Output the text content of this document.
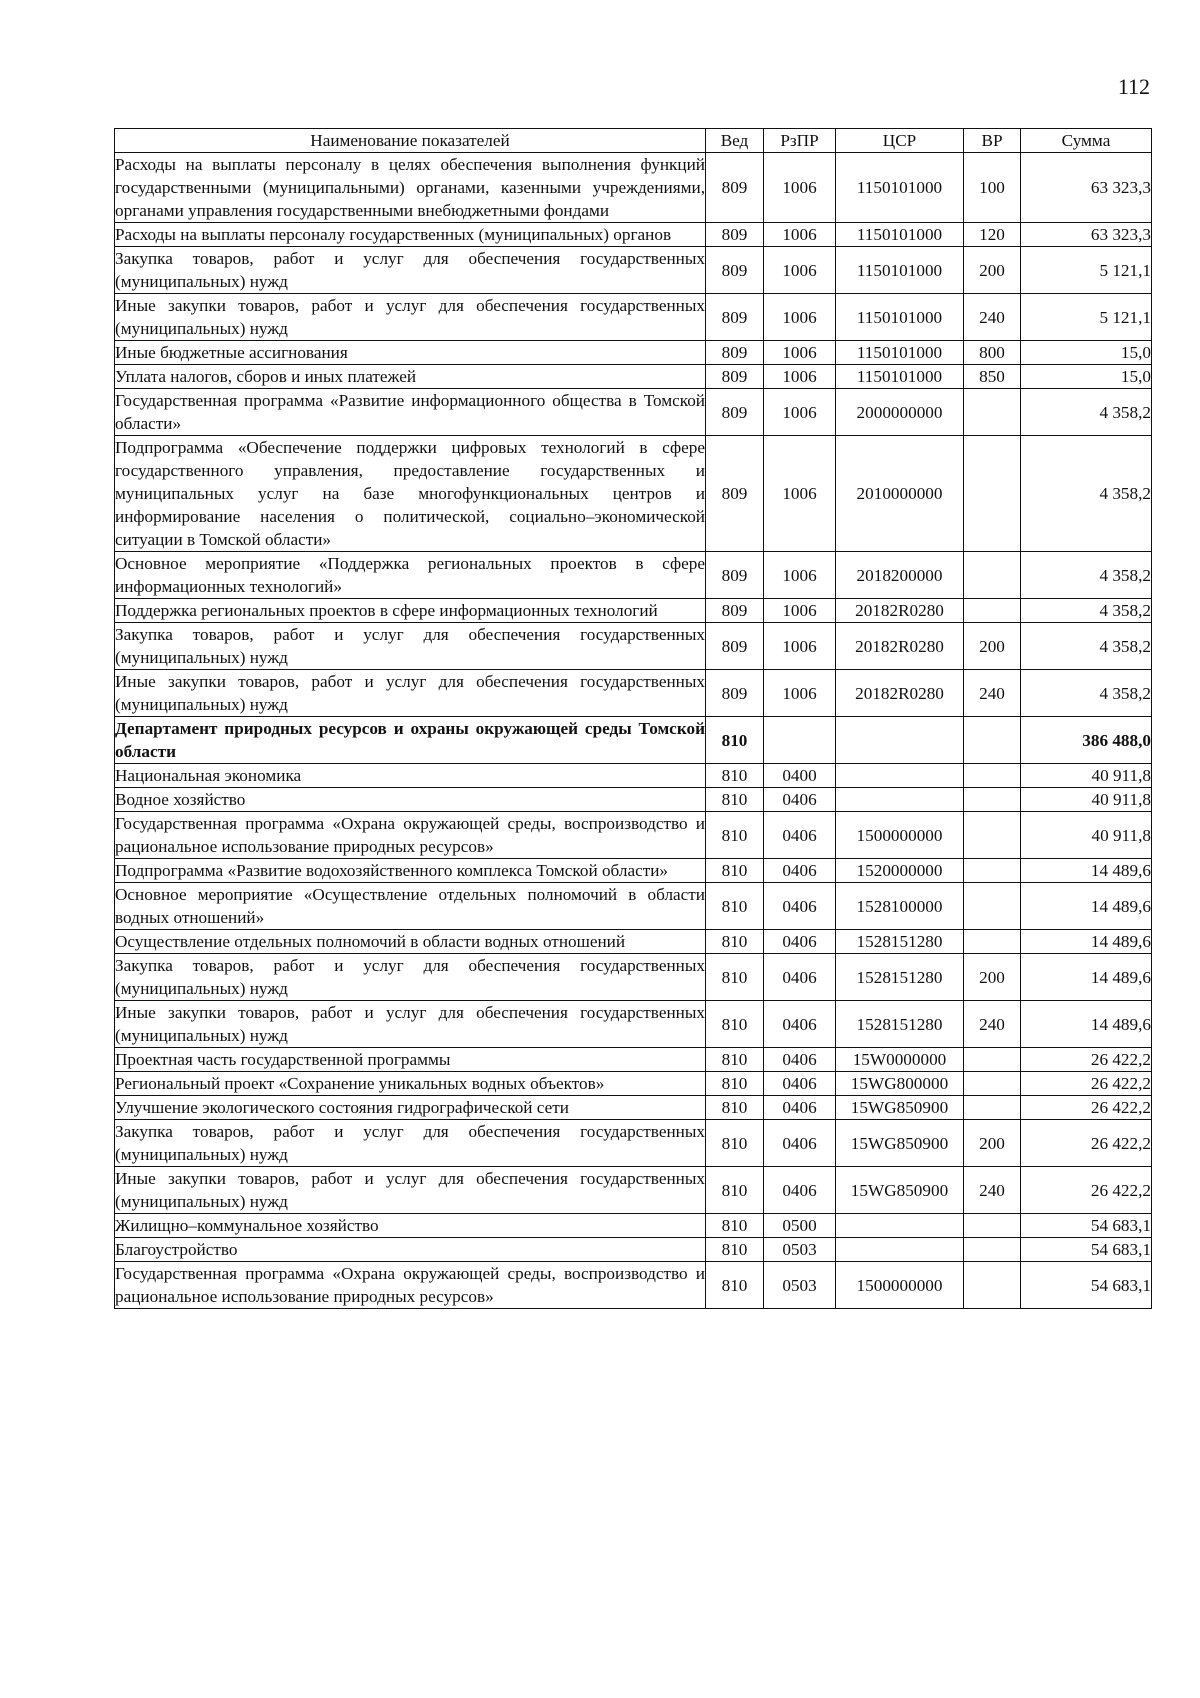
112
Наименование показателей	Вед	РзПР	ЦСР	ВР	Сумма
Расходы на выплаты персоналу в целях обеспечения выполнения функций государственными (муниципальными) органами, казенными учреждениями, органами управления государственными внебюджетными фондами	809	1006	1150101000	100	63 323,3
Расходы на выплаты персоналу государственных (муниципальных) органов	809	1006	1150101000	120	63 323,3
Закупка товаров, работ и услуг для обеспечения государственных (муниципальных) нужд	809	1006	1150101000	200	5 121,1
Иные закупки товаров, работ и услуг для обеспечения государственных (муниципальных) нужд	809	1006	1150101000	240	5 121,1
Иные бюджетные ассигнования	809	1006	1150101000	800	15,0
Уплата налогов, сборов и иных платежей	809	1006	1150101000	850	15,0
Государственная программа «Развитие информационного общества в Томской области»	809	1006	2000000000		4 358,2
Подпрограмма «Обеспечение поддержки цифровых технологий в сфере государственного управления, предоставление государственных и муниципальных услуг на базе многофункциональных центров и информирование населения о политической, социально–экономической ситуации в Томской области»	809	1006	2010000000		4 358,2
Основное мероприятие «Поддержка региональных проектов в сфере информационных технологий»	809	1006	2018200000		4 358,2
Поддержка региональных проектов в сфере информационных технологий	809	1006	20182R0280		4 358,2
Закупка товаров, работ и услуг для обеспечения государственных (муниципальных) нужд	809	1006	20182R0280	200	4 358,2
Иные закупки товаров, работ и услуг для обеспечения государственных (муниципальных) нужд	809	1006	20182R0280	240	4 358,2
Департамент природных ресурсов и охраны окружающей среды Томской области	810				386 488,0
Национальная экономика	810	0400			40 911,8
Водное хозяйство	810	0406			40 911,8
Государственная программа «Охрана окружающей среды, воспроизводство и рациональное использование природных ресурсов»	810	0406	1500000000		40 911,8
Подпрограмма «Развитие водохозяйственного комплекса Томской области»	810	0406	1520000000		14 489,6
Основное мероприятие «Осуществление отдельных полномочий в области водных отношений»	810	0406	1528100000		14 489,6
Осуществление отдельных полномочий в области водных отношений	810	0406	1528151280		14 489,6
Закупка товаров, работ и услуг для обеспечения государственных (муниципальных) нужд	810	0406	1528151280	200	14 489,6
Иные закупки товаров, работ и услуг для обеспечения государственных (муниципальных) нужд	810	0406	1528151280	240	14 489,6
Проектная часть государственной программы	810	0406	15W0000000		26 422,2
Региональный проект «Сохранение уникальных водных объектов»	810	0406	15WG800000		26 422,2
Улучшение экологического состояния гидрографической сети	810	0406	15WG850900		26 422,2
Закупка товаров, работ и услуг для обеспечения государственных (муниципальных) нужд	810	0406	15WG850900	200	26 422,2
Иные закупки товаров, работ и услуг для обеспечения государственных (муниципальных) нужд	810	0406	15WG850900	240	26 422,2
Жилищно–коммунальное хозяйство	810	0500			54 683,1
Благоустройство	810	0503			54 683,1
Государственная программа «Охрана окружающей среды, воспроизводство и рациональное использование природных ресурсов»	810	0503	1500000000		54 683,1
